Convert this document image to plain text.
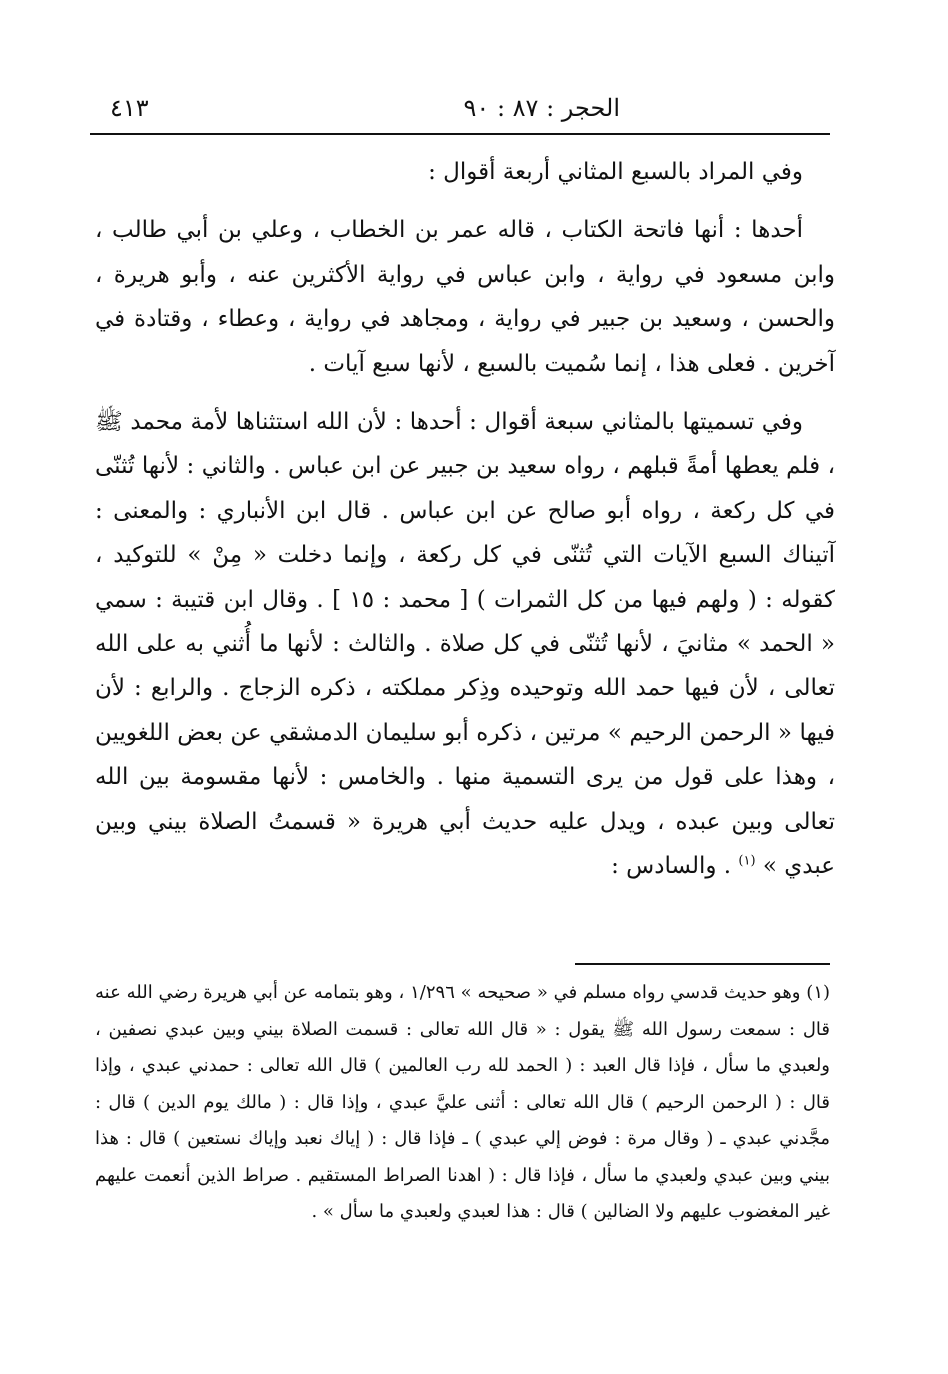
الحجر : ٨٧ : ٩٠
٤١٣

وفي المراد بالسبع المثاني أربعة أقوال :

أحدها : أنها فاتحة الكتاب ، قاله عمر بن الخطاب ، وعلي بن أبي طالب ، وابن مسعود في رواية ، وابن عباس في رواية الأكثرين عنه ، وأبو هريرة ، والحسن ، وسعيد بن جبير في رواية ، ومجاهد في رواية ، وعطاء ، وقتادة في آخرين . فعلى هذا ، إنما سُميت بالسبع ، لأنها سبع آيات .

وفي تسميتها بالمثاني سبعة أقوال : أحدها : لأن الله استثناها لأمة محمد ﷺ ، فلم يعطها أمةً قبلهم ، رواه سعيد بن جبير عن ابن عباس . والثاني : لأنها تُثنّى في كل ركعة ، رواه أبو صالح عن ابن عباس . قال ابن الأنباري : والمعنى : آتيناك السبع الآيات التي تُثنّى في كل ركعة ، وإنما دخلت « مِنْ » للتوكيد ، كقوله : ( ولهم فيها من كل الثمرات ) [ محمد : ١٥ ] . وقال ابن قتيبة : سمي « الحمد » مثانيَ ، لأنها تُثنّى في كل صلاة . والثالث : لأنها ما أُثني به على الله تعالى ، لأن فيها حمد الله وتوحيده وذِكر مملكته ، ذكره الزجاج . والرابع : لأن فيها « الرحمن الرحيم » مرتين ، ذكره أبو سليمان الدمشقي عن بعض اللغويين ، وهذا على قول من يرى التسمية منها . والخامس : لأنها مقسومة بين الله تعالى وبين عبده ، ويدل عليه حديث أبي هريرة « قسمتُ الصلاة بيني وبين عبدي » $^{(١)}$ . والسادس :

(١) وهو حديث قدسي رواه مسلم في « صحيحه » ١/٢٩٦ ، وهو بتمامه عن أبي هريرة رضي الله عنه قال : سمعت رسول الله ﷺ يقول : « قال الله تعالى : قسمت الصلاة بيني وبين عبدي نصفين ، ولعبدي ما سأل ، فإذا قال العبد : ( الحمد لله رب العالمين ) قال الله تعالى : حمدني عبدي ، وإذا قال : ( الرحمن الرحيم ) قال الله تعالى : أثنى عليَّ عبدي ، وإذا قال : ( مالك يوم الدين ) قال : مجَّدني عبدي ـ ( وقال مرة : فوض إلي عبدي ) ـ فإذا قال : ( إياك نعبد وإياك نستعين ) قال : هذا بيني وبين عبدي ولعبدي ما سأل ، فإذا قال : ( اهدنا الصراط المستقيم . صراط الذين أنعمت عليهم غير المغضوب عليهم ولا الضالين ) قال : هذا لعبدي ولعبدي ما سأل » .
